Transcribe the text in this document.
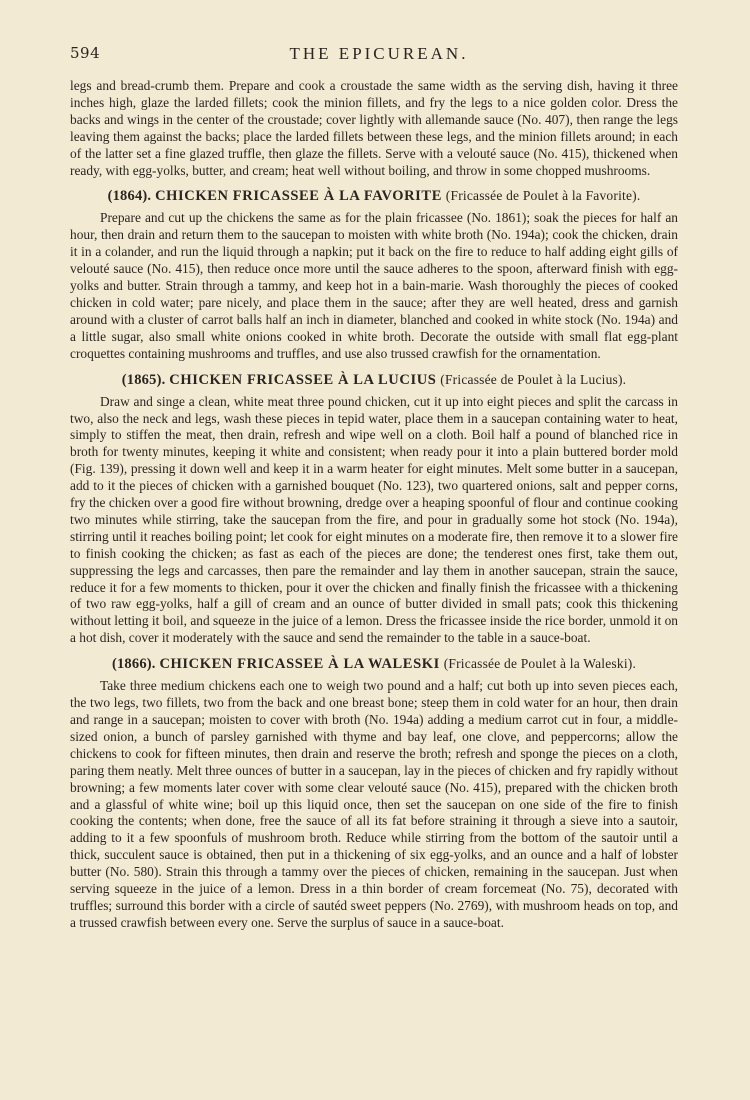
594	THE EPICUREAN.

legs and bread-crumb them. Prepare and cook a croustade the same width as the serving dish, having it three inches high, glaze the larded fillets; cook the minion fillets, and fry the legs to a nice golden color. Dress the backs and wings in the center of the croustade; cover lightly with allemande sauce (No. 407), then range the legs leaving them against the backs; place the larded fillets between these legs, and the minion fillets around; in each of the latter set a fine glazed truffle, then glaze the fillets. Serve with a velouté sauce (No. 415), thickened when ready, with egg-yolks, butter, and cream; heat well without boiling, and throw in some chopped mushrooms.

(1864). CHICKEN FRICASSEE À LA FAVORITE (Fricassée de Poulet à la Favorite).

Prepare and cut up the chickens the same as for the plain fricassee (No. 1861); soak the pieces for half an hour, then drain and return them to the saucepan to moisten with white broth (No. 194a); cook the chicken, drain it in a colander, and run the liquid through a napkin; put it back on the fire to reduce to half adding eight gills of velouté sauce (No. 415), then reduce once more until the sauce adheres to the spoon, afterward finish with egg-yolks and butter. Strain through a tammy, and keep hot in a bain-marie. Wash thoroughly the pieces of cooked chicken in cold water; pare nicely, and place them in the sauce; after they are well heated, dress and garnish around with a cluster of carrot balls half an inch in diameter, blanched and cooked in white stock (No. 194a) and a little sugar, also small white onions cooked in white broth. Decorate the outside with small flat egg-plant croquettes containing mushrooms and truffles, and use also trussed crawfish for the ornamentation.

(1865). CHICKEN FRICASSEE À LA LUCIUS (Fricassée de Poulet à la Lucius).

Draw and singe a clean, white meat three pound chicken, cut it up into eight pieces and split the carcass in two, also the neck and legs, wash these pieces in tepid water, place them in a saucepan containing water to heat, simply to stiffen the meat, then drain, refresh and wipe well on a cloth. Boil half a pound of blanched rice in broth for twenty minutes, keeping it white and consistent; when ready pour it into a plain buttered border mold (Fig. 139), pressing it down well and keep it in a warm heater for eight minutes. Melt some butter in a saucepan, add to it the pieces of chicken with a garnished bouquet (No. 123), two quartered onions, salt and pepper corns, fry the chicken over a good fire without browning, dredge over a heaping spoonful of flour and continue cooking two minutes while stirring, take the saucepan from the fire, and pour in gradually some hot stock (No. 194a), stirring until it reaches boiling point; let cook for eight minutes on a moderate fire, then remove it to a slower fire to finish cooking the chicken; as fast as each of the pieces are done; the tenderest ones first, take them out, suppressing the legs and carcasses, then pare the remainder and lay them in another saucepan, strain the sauce, reduce it for a few moments to thicken, pour it over the chicken and finally finish the fricassee with a thickening of two raw egg-yolks, half a gill of cream and an ounce of butter divided in small pats; cook this thickening without letting it boil, and squeeze in the juice of a lemon. Dress the fricassee inside the rice border, unmold it on a hot dish, cover it moderately with the sauce and send the remainder to the table in a sauce-boat.

(1866). CHICKEN FRICASSEE À LA WALESKI (Fricassée de Poulet à la Waleski).

Take three medium chickens each one to weigh two pound and a half; cut both up into seven pieces each, the two legs, two fillets, two from the back and one breast bone; steep them in cold water for an hour, then drain and range in a saucepan; moisten to cover with broth (No. 194a) adding a medium carrot cut in four, a middle-sized onion, a bunch of parsley garnished with thyme and bay leaf, one clove, and peppercorns; allow the chickens to cook for fifteen minutes, then drain and reserve the broth; refresh and sponge the pieces on a cloth, paring them neatly. Melt three ounces of butter in a saucepan, lay in the pieces of chicken and fry rapidly without browning; a few moments later cover with some clear velouté sauce (No. 415), prepared with the chicken broth and a glassful of white wine; boil up this liquid once, then set the saucepan on one side of the fire to finish cooking the contents; when done, free the sauce of all its fat before straining it through a sieve into a sautoir, adding to it a few spoonfuls of mushroom broth. Reduce while stirring from the bottom of the sautoir until a thick, succulent sauce is obtained, then put in a thickening of six egg-yolks, and an ounce and a half of lobster butter (No. 580). Strain this through a tammy over the pieces of chicken, remaining in the saucepan. Just when serving squeeze in the juice of a lemon. Dress in a thin border of cream forcemeat (No. 75), decorated with truffles; surround this border with a circle of sautéd sweet peppers (No. 2769), with mushroom heads on top, and a trussed crawfish between every one. Serve the surplus of sauce in a sauce-boat.
